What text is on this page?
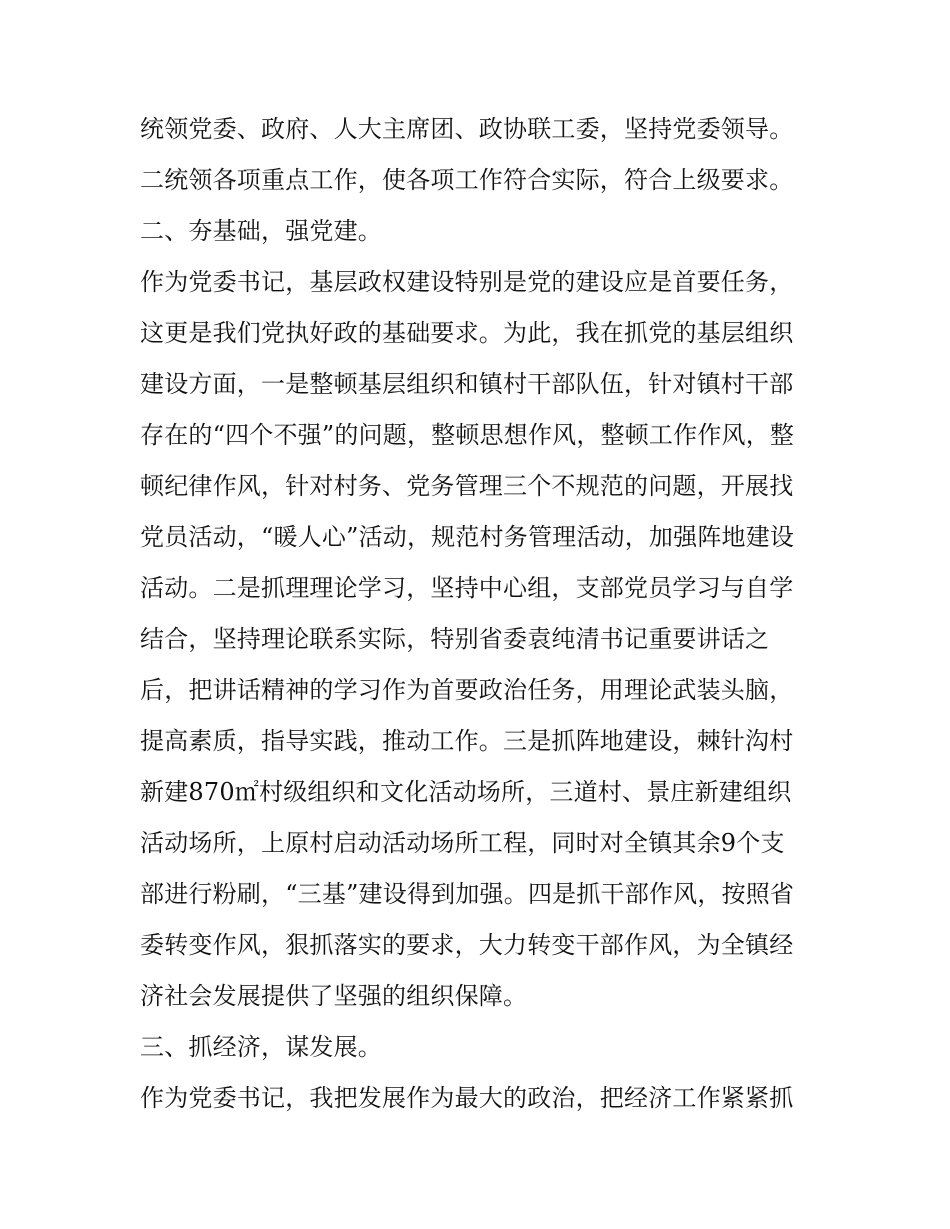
统领党委、政府、人大主席团、政协联工委，坚持党委领导。
二统领各项重点工作，使各项工作符合实际，符合上级要求。
二、夯基础，强党建。
作为党委书记，基层政权建设特别是党的建设应是首要任务，
这更是我们党执好政的基础要求。为此，我在抓党的基层组织
建设方面，一是整顿基层组织和镇村干部队伍，针对镇村干部
存在的“四个不强”的问题，整顿思想作风，整顿工作作风，整
顿纪律作风，针对村务、党务管理三个不规范的问题，开展找
党员活动，“暖人心”活动，规范村务管理活动，加强阵地建设
活动。二是抓理理论学习，坚持中心组，支部党员学习与自学
结合，坚持理论联系实际，特别省委袁纯清书记重要讲话之
后，把讲话精神的学习作为首要政治任务，用理论武装头脑，
提高素质，指导实践，推动工作。三是抓阵地建设，棘针沟村
新建870㎡村级组织和文化活动场所，三道村、景庄新建组织
活动场所，上原村启动活动场所工程，同时对全镇其余9个支
部进行粉刷，“三基”建设得到加强。四是抓干部作风，按照省
委转变作风，狠抓落实的要求，大力转变干部作风，为全镇经
济社会发展提供了坚强的组织保障。
三、抓经济，谋发展。
作为党委书记，我把发展作为最大的政治，把经济工作紧紧抓
